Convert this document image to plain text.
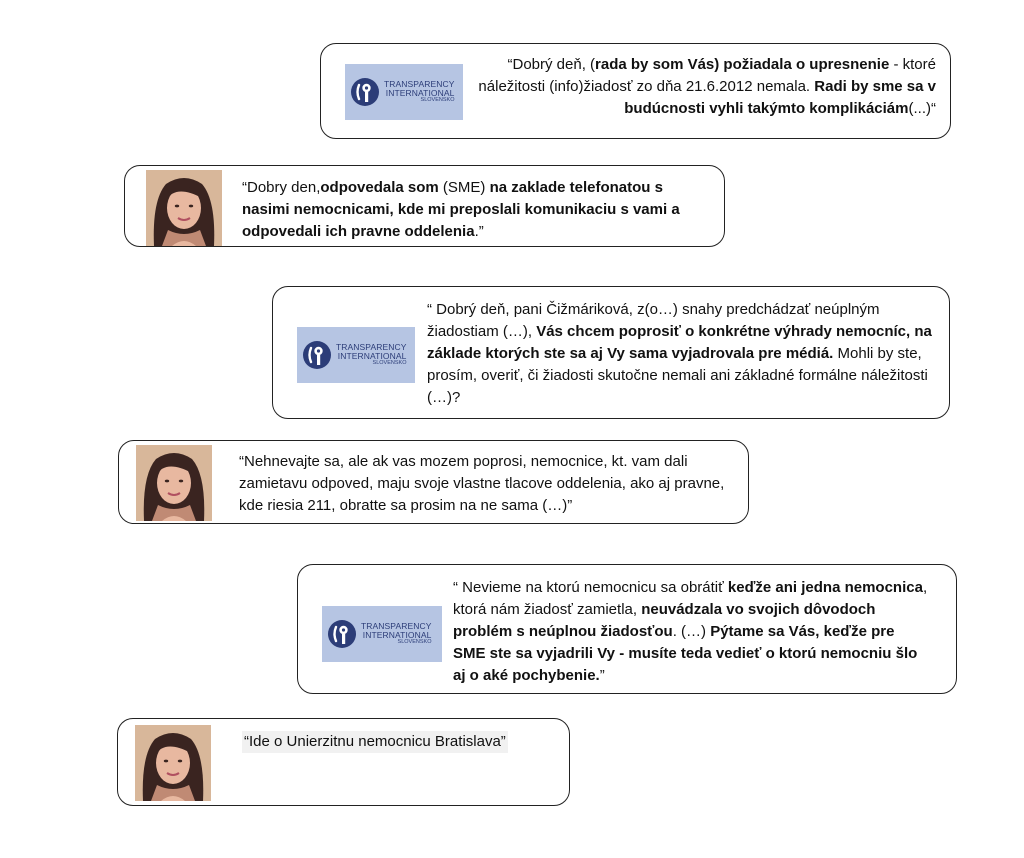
TRANSPARENCY
INTERNATIONAL
SLOVENSKO
“Dobrý deň, (rada by som Vás) požiadala o upresnenie - ktoré náležitosti (info)žiadosť zo dňa 21.6.2012 nemala. Radi by sme sa v budúcnosti vyhli takýmto komplikáciám(...)“
“Dobry den,odpovedala som (SME) na zaklade telefonatou s nasimi nemocnicami, kde mi preposlali komunikaciu s vami a odpovedali ich pravne oddelenia.”
TRANSPARENCY
INTERNATIONAL
SLOVENSKO
“ Dobrý deň, pani Čižmáriková, z(o…) snahy predchádzať neúplným žiadostiam (…), Vás chcem poprosiť o konkrétne výhrady nemocníc, na základe ktorých ste sa aj Vy sama vyjadrovala pre médiá. Mohli by ste, prosím, overiť, či žiadosti skutočne nemali ani základné formálne náležitosti (…)?
“Nehnevajte sa, ale ak vas mozem poprosi, nemocnice, kt. vam dali zamietavu odpoved, maju svoje vlastne tlacove oddelenia, ako aj pravne, kde riesia 211, obratte sa prosim na ne sama (…)”
TRANSPARENCY
INTERNATIONAL
SLOVENSKO
“ Nevieme na ktorú nemocnicu sa obrátiť keďže ani jedna nemocnica, ktorá nám žiadosť zamietla, neuvádzala vo svojich dôvodoch problém s neúplnou žiadosťou. (…) Pýtame sa Vás, keďže pre SME ste sa vyjadrili Vy - musíte teda vedieť o ktorú nemocniu šlo aj o aké pochybenie.”
“Ide o Unierzitnu nemocnicu Bratislava”
